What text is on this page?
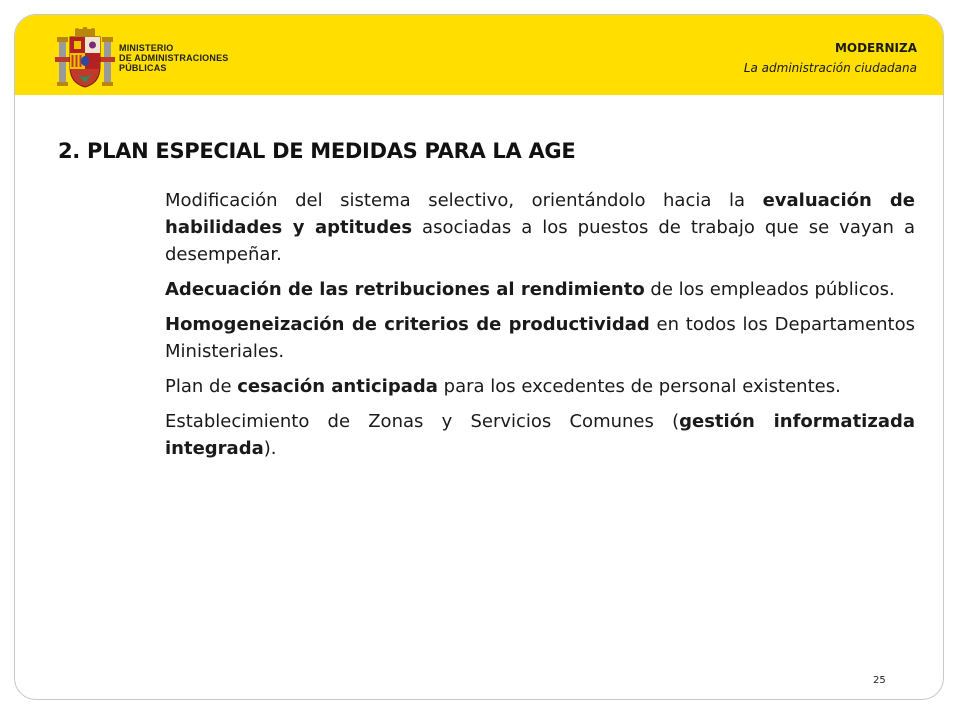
MINISTERIO
DE ADMINISTRACIONES
PÚBLICAS

MODERNIZA
La administración ciudadana

2. PLAN ESPECIAL DE MEDIDAS PARA LA AGE
Modificación del sistema selectivo, orientándolo hacia la evaluación de habilidades y aptitudes asociadas a los puestos de trabajo que se vayan a desempeñar.
Adecuación de las retribuciones al rendimiento de los empleados públicos.
Homogeneización de criterios de productividad en todos los Departamentos Ministeriales.
Plan de cesación anticipada para los excedentes de personal existentes.
Establecimiento de Zonas y Servicios Comunes (gestión informatizada integrada).

25
